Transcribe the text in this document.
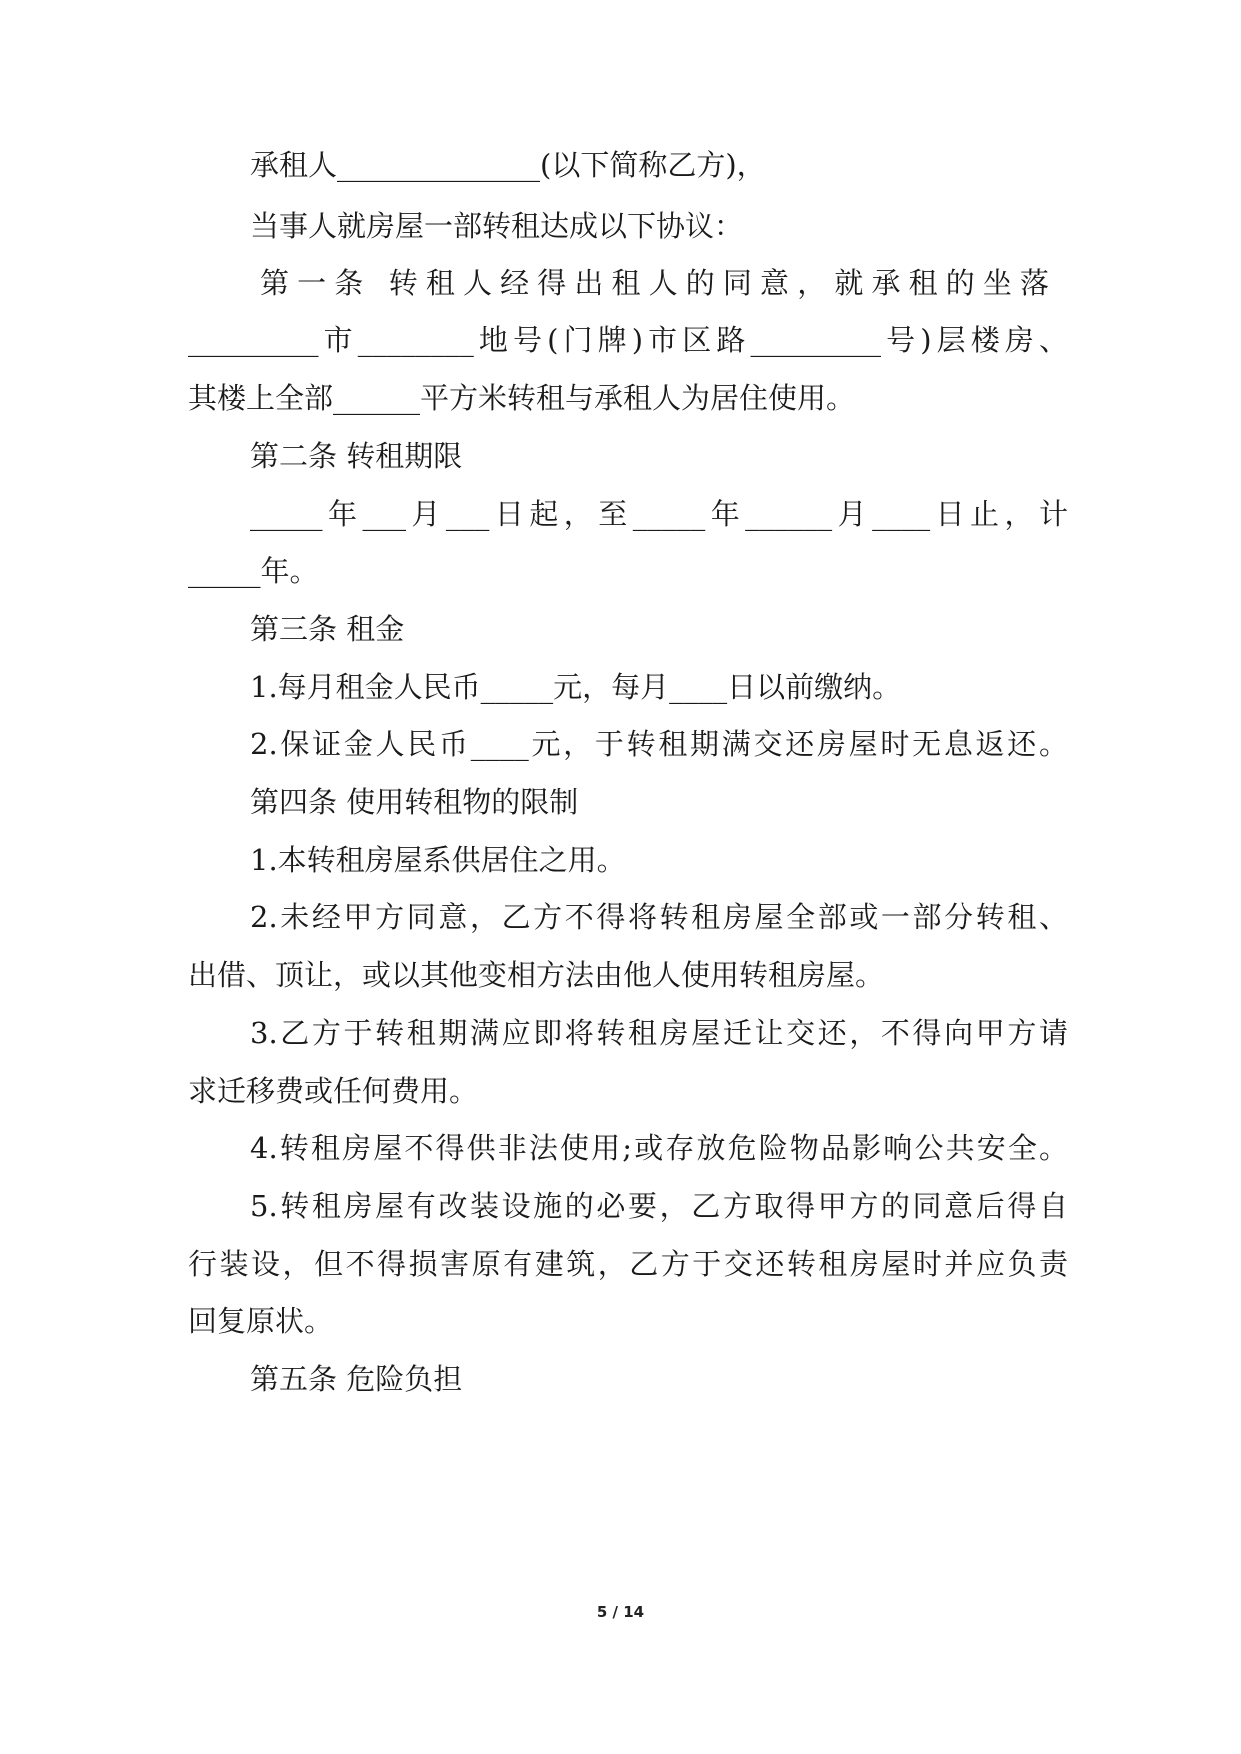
承租人______________(以下简称乙方)，

当事人就房屋一部转租达成以下协议：

第一条 转租人经得出租人的同意，就承租的坐落

_________市________地号(门牌)市区路_________号)层楼房、

其楼上全部______平方米转租与承租人为居住使用。

第二条 转租期限

_____年___月___日起，至_____年______月____日止，计

_____年。

第三条 租金

1.每月租金人民币_____元，每月____日以前缴纳。

2.保证金人民币____元，于转租期满交还房屋时无息返还。

第四条 使用转租物的限制

1.本转租房屋系供居住之用。

2.未经甲方同意，乙方不得将转租房屋全部或一部分转租、

出借、顶让，或以其他变相方法由他人使用转租房屋。

3.乙方于转租期满应即将转租房屋迁让交还，不得向甲方请

求迁移费或任何费用。

4.转租房屋不得供非法使用;或存放危险物品影响公共安全。

5.转租房屋有改装设施的必要，乙方取得甲方的同意后得自

行装设，但不得损害原有建筑，乙方于交还转租房屋时并应负责

回复原状。

第五条 危险负担

5 / 14
